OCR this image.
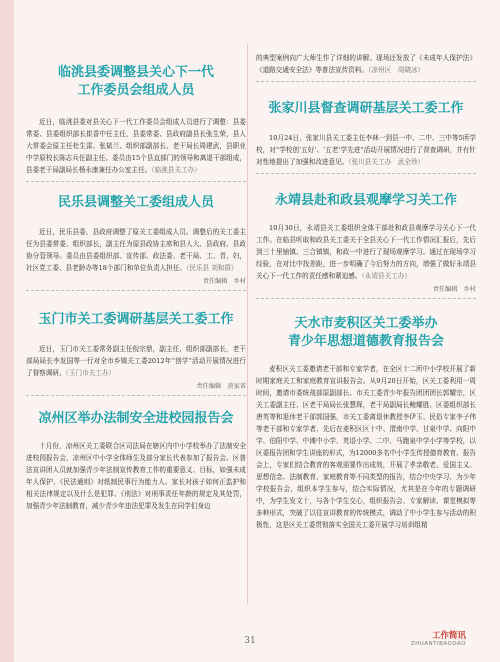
临洮县委调整县关心下一代
工作委员会组成人员

近日，临洮县委对县关心下一代工作委员会组成人员进行了调整：县委常委、县委组织部长崔香中任主任，县委常委、县政府副县长张生荣，县人大常委会原主任杜生雷、张斌兰、组织部副部长、老干局长周建武，县职业中学原校长陈志兵任副主任。委员由15个县直部门的领导和离退干部组成，县委老干局副局长杨永康兼任办公室主任。（临洮县关工办）

民乐县调整关工委组成人员

近日，民乐县委、县政府调整了原关工委组成人员。调整后的关工委主任为县委常委、组织部长，副主任为原县政协主席和县人大、县政府、县政协分管领导。委员由县委组织部、宣传部、政法委、老干局、工、青、妇，社区党工委、县老龄办等18个部门和单位负责人担任。（民乐县 刘和群）

责任编辑　乡村

玉门市关工委调研基层关工委工作

近日，玉门市关工委常务副主任倪宗鼎，副主任、组织部副部长，老干部局局长李发国等一行对全市乡镇关工委2012年“创学”活动开展情况进行了督察调研。（玉门市关工办）

责任编辑　黄家省

凉州区举办法制安全进校园报告会

十月份，凉州区关工委联合区司法局在辖区内中小学校举办了法制安全进校园报告会，凉州区中小学全体师生及部分家长代表参加了报告会。区普法宣讲团人员就加强青少年法制宣传教育工作的重要意义、目标，如强未成年人保护、《民法通则》对纸制民事行为能力人、家长对孩子如何正监护和相关法律规定以及什么是犯罪、《刑法》对刑事责任年龄的规定及其处罚，加强青少年法制教育，减少青少年违法犯罪及发生在同学们身边

的典型案例向广大师生作了详细的讲解。现场还发放了《未成年人保护法》《道路交通安全法》等普法宣传资料。（凉州区　周晓冰）

张家川县督查调研基层关工委工作

10月24日，张家川县关工委主任李林一到县一中、二中、三中等5所学校，对“学校创‘五好’、‘五老’学先进”活动开展情况进行了督查调研，并有针对性地提出了加强和改进意见。（张川县关工办　武全珍）

永靖县赴和政县观摩学习关工作

10月30日，永靖县关工委组织全体干部赴和政县观摩学习关心下一代工作。在临县听取和政县关工委关于全县关心下一代工作情况汇报后，先后到三十里铺镇、三合镇镇，和政一中进行了现场观摩学习。通过在现场学习经验，在对比中找差距，进一步明确了今后努力的方向，增强了做好永靖县关心下一代工作的责任感和紧迫感。（永靖县关工办）

责任编辑　乡村

天水市麦积区关工委举办
青少年思想道德教育报告会

麦积区关工委邀请老干部和专家学者，在全区十二所中小学校开展了新时期家庭关工和家庭教育宣讲报告会。从9月20日开始，区关工委利用一周时间，邀请市委统战部原副部长、市关工委青少年报告团团团长郭耀宗，区关工委副主任、区老干局局长张慧琛，老干局副局长鲍耀胜、区委组织部长唐英等和退休老干部郭国强，市关工委离退休教授李伊玉、民俗专家李子伟等老干部和专家学者、先后在麦积区区十中、渭南中学、甘泉中学、向阳中学、伯阳中学、中滩中小学、英语小学、二中、马跑泉中学小学等学校，以区委报告团和学生讲座的形式，为12000多名中小学生传授德育教育、报告会上，专家们结合教育的客观需要作出成效，开展了孝亲敬老、爱国主义、思想信念、法制教育、家庭教育等不同类型的报告，结合中央学习、为少年学校报告会，组织本学生参与，结合实际情况，尤其是在今年的专题调研中，为学生发文十，与各个学生交心，组织报告会、专家解读、课堂模拟等多种形式，突破了以往宣讲教育的传统模式，调动了中小学生参与活动的积极性，这是区关工委贯彻落实全国关工委开展学习培训组精

31	工作简讯
ZHUANTIBAODAO
